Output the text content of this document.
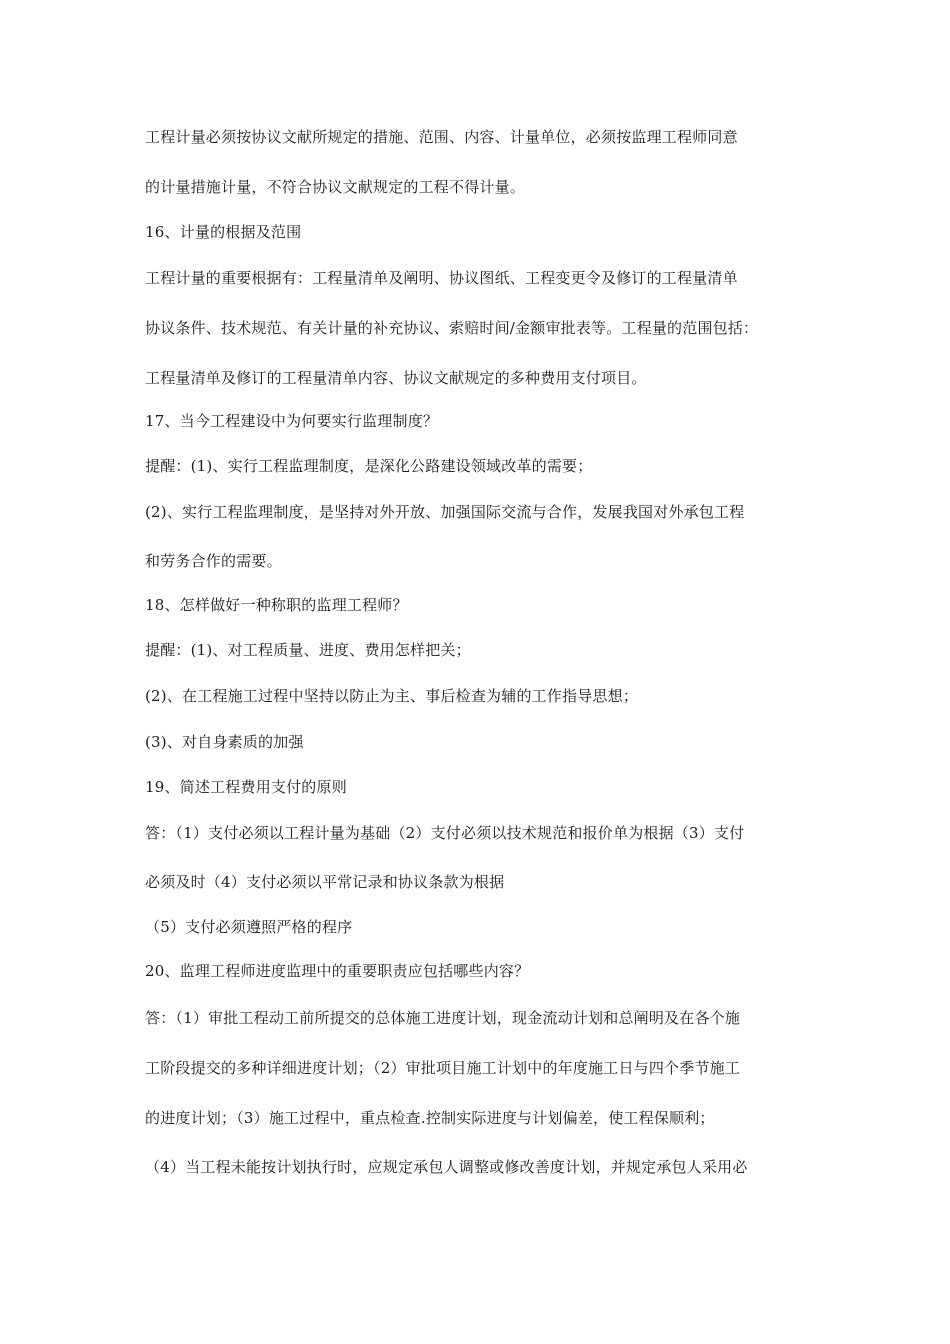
工程计量必须按协议文献所规定的措施、范围、内容、计量单位，必须按监理工程师同意
的计量措施计量，不符合协议文献规定的工程不得计量。
16、计量的根据及范围
工程计量的重要根据有：工程量清单及阐明、协议图纸、工程变更令及修订的工程量清单
协议条件、技术规范、有关计量的补充协议、索赔时间/金额审批表等。工程量的范围包括：
工程量清单及修订的工程量清单内容、协议文献规定的多种费用支付项目。
17、当今工程建设中为何要实行监理制度？
提醒：(1)、实行工程监理制度，是深化公路建设领域改革的需要；
(2)、实行工程监理制度，是坚持对外开放、加强国际交流与合作，发展我国对外承包工程
和劳务合作的需要。
18、怎样做好一种称职的监理工程师？
提醒：(1)、对工程质量、进度、费用怎样把关；
(2)、在工程施工过程中坚持以防止为主、事后检查为辅的工作指导思想；
(3)、对自身素质的加强
19、简述工程费用支付的原则
答：（1）支付必须以工程计量为基础（2）支付必须以技术规范和报价单为根据（3）支付
必须及时（4）支付必须以平常记录和协议条款为根据
（5）支付必须遵照严格的程序
20、监理工程师进度监理中的重要职责应包括哪些内容？
答：（1）审批工程动工前所提交的总体施工进度计划，现金流动计划和总阐明及在各个施
工阶段提交的多种详细进度计划；（2）审批项目施工计划中的年度施工日与四个季节施工
的进度计划；（3）施工过程中，重点检查.控制实际进度与计划偏差，使工程保顺利；
（4）当工程未能按计划执行时，应规定承包人调整或修改善度计划，并规定承包人采用必
